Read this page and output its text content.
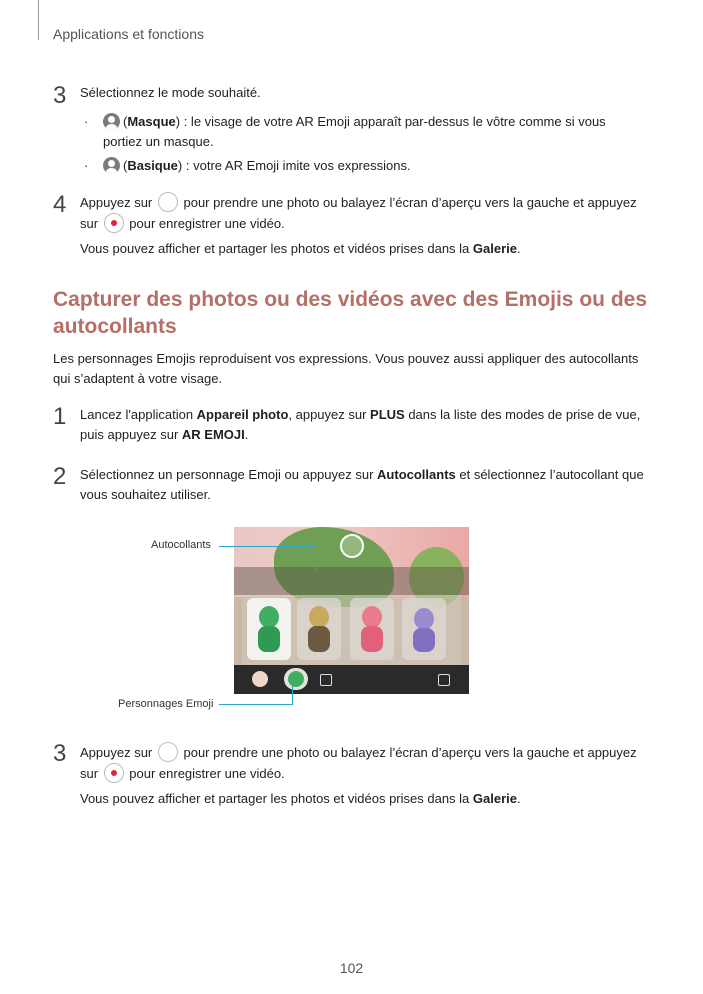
Applications et fonctions
3 Sélectionnez le mode souhaité.
·	(Masque) : le visage de votre AR Emoji apparaît par-dessus le vôtre comme si vous portiez un masque.
·	(Basique) : votre AR Emoji imite vos expressions.
4 Appuyez sur  pour prendre une photo ou balayez l’écran d’aperçu vers la gauche et appuyez sur  pour enregistrer une vidéo.
Vous pouvez afficher et partager les photos et vidéos prises dans la Galerie.
Capturer des photos ou des vidéos avec des Emojis ou des autocollants
Les personnages Emojis reproduisent vos expressions. Vous pouvez aussi appliquer des autocollants qui s’adaptent à votre visage.
1 Lancez l'application Appareil photo, appuyez sur PLUS dans la liste des modes de prise de vue, puis appuyez sur AR EMOJI.
2 Sélectionnez un personnage Emoji ou appuyez sur Autocollants et sélectionnez l’autocollant que vous souhaitez utiliser.
Autocollants
Personnages Emoji
3 Appuyez sur  pour prendre une photo ou balayez l’écran d’aperçu vers la gauche et appuyez sur  pour enregistrer une vidéo.
Vous pouvez afficher et partager les photos et vidéos prises dans la Galerie.
102
